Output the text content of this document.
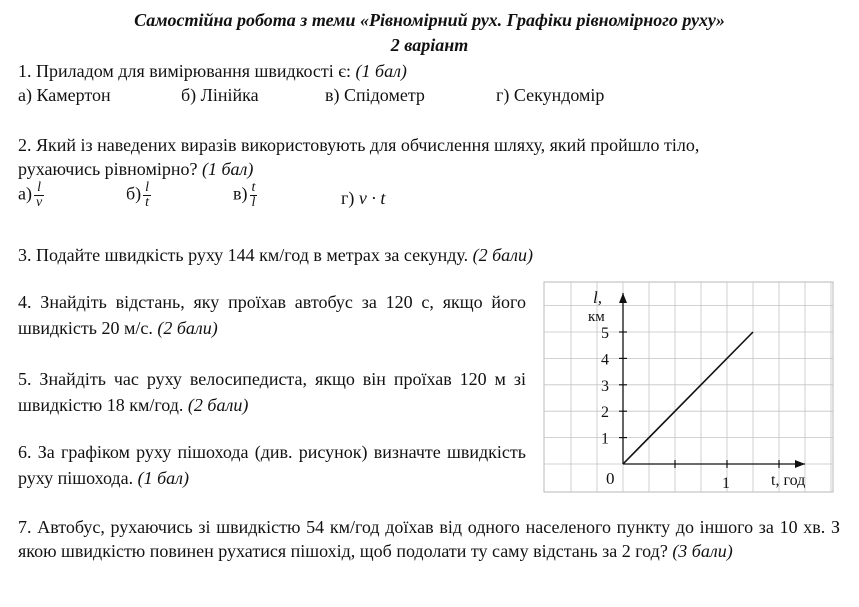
Самостійна робота з теми «Рівномірний рух. Графіки рівномірного руху»
2 варіант
1. Приладом для вимірювання швидкості є: (1 бал)
а) Камертон	б) Лінійка	в) Спідометр	г) Секундомір
2. Який із наведених виразів використовують для обчислення шляху, який пройшло тіло,
рухаючись рівномірно? (1 бал)
$а) \frac{l}{v}$	$б) \frac{l}{t}$	$в) \frac{t}{l}$	г) v · t
3. Подайте швидкість руху 144 км/год в метрах за секунду. (2 бали)
4. Знайдіть відстань, яку проїхав автобус за 120 с, якщо його швидкість 20 м/с. (2 бали)
5. Знайдіть час руху велосипедиста, якщо він проїхав 120 м зі швидкістю 18 км/год. (2 бали)
6. За графіком руху пішохода (див. рисунок) визначте швидкість руху пішохода. (1 бал)
7. Автобус, рухаючись зі швидкістю 54 км/год доїхав від одного населеного пункту до іншого за 10 хв. З якою швидкістю повинен рухатися пішохід, щоб подолати ту саму відстань за 2 год? (3 бали)
1
1
2
3
4
5
l,
км
t, год
0
